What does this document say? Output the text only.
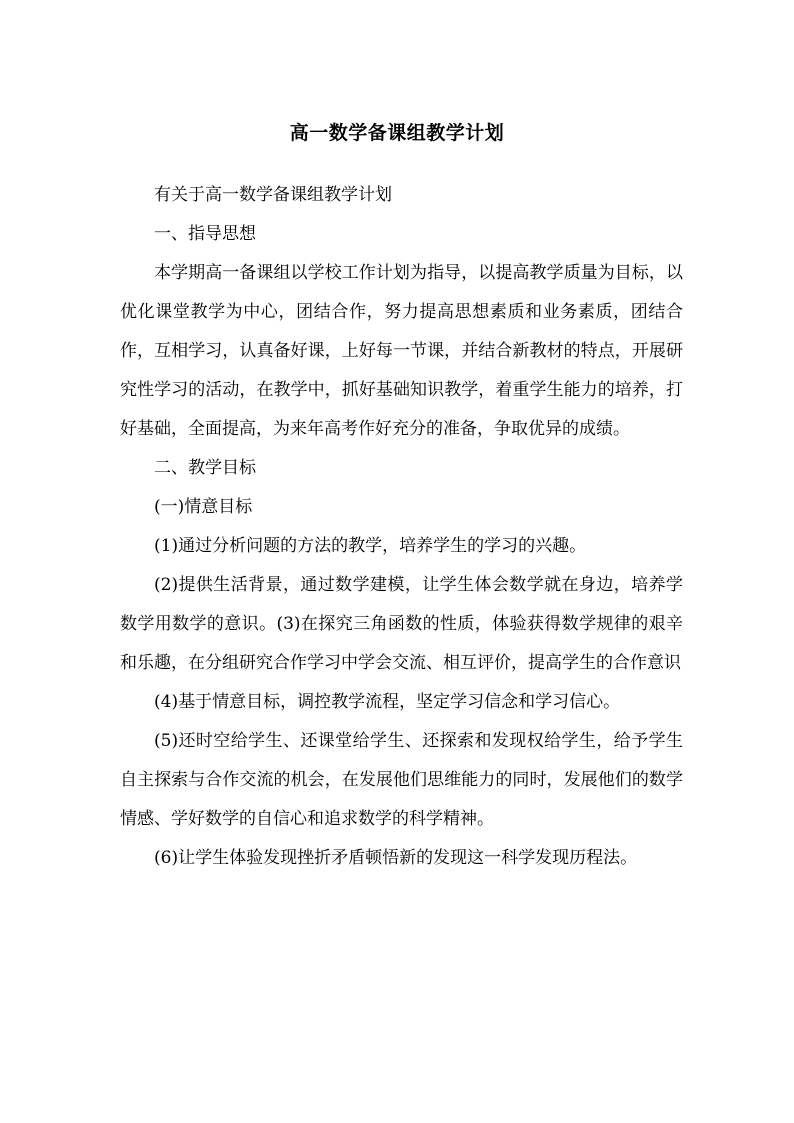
高一数学备课组教学计划

有关于高一数学备课组教学计划

一、指导思想

本学期高一备课组以学校工作计划为指导，以提高教学质量为目标，以优化课堂教学为中心，团结合作，努力提高思想素质和业务素质，团结合作，互相学习，认真备好课，上好每一节课，并结合新教材的特点，开展研究性学习的活动，在教学中，抓好基础知识教学，着重学生能力的培养，打好基础，全面提高，为来年高考作好充分的准备，争取优异的成绩。

二、教学目标

(一)情意目标

(1)通过分析问题的方法的教学，培养学生的学习的兴趣。

(2)提供生活背景，通过数学建模，让学生体会数学就在身边，培养学数学用数学的意识。(3)在探究三角函数的性质，体验获得数学规律的艰辛和乐趣，在分组研究合作学习中学会交流、相互评价，提高学生的合作意识

(4)基于情意目标，调控教学流程，坚定学习信念和学习信心。

(5)还时空给学生、还课堂给学生、还探索和发现权给学生，给予学生自主探索与合作交流的机会，在发展他们思维能力的同时，发展他们的数学情感、学好数学的自信心和追求数学的科学精神。

(6)让学生体验发现挫折矛盾顿悟新的发现这一科学发现历程法。
